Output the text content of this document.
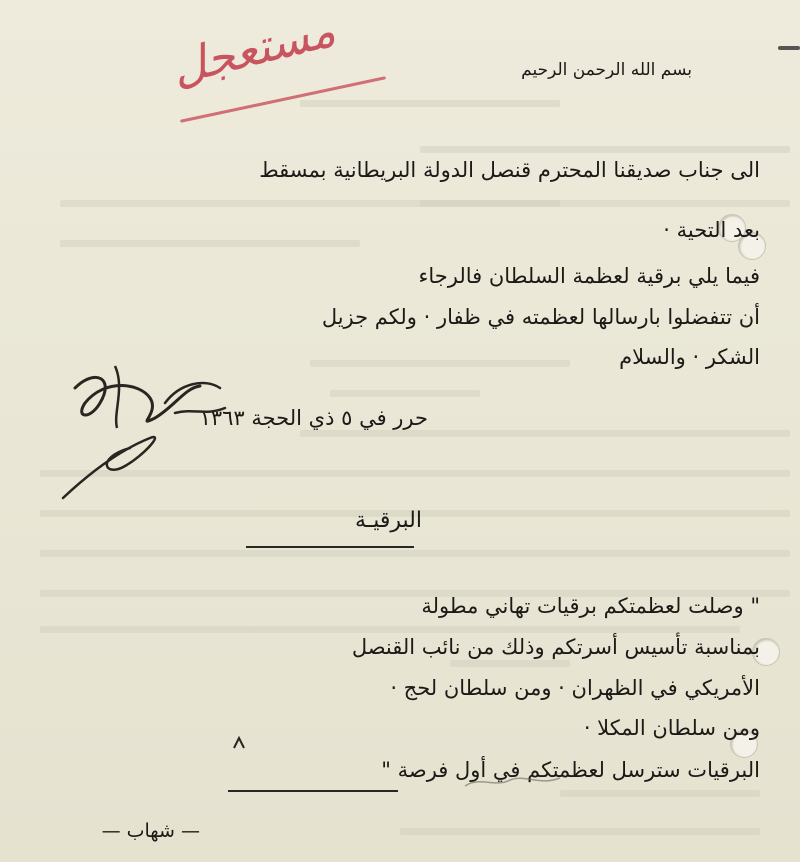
مستعجل	بسم الله الرحمن الرحيم
الى جناب صديقنا المحترم قنصل الدولة البريطانية بمسقط
بعد التحية ·
فيما يلي برقية لعظمة السلطان فالرجاء
أن تتفضلوا بارسالها لعظمته في ظفار · ولكم جزيل
الشكر · والسلام
حرر في ٥ ذي الحجة ١٣٦٣
ماجد بن تيمور
البرقيـة
" وصلت لعظمتكم برقيات تهاني مطولة
بمناسبة تأسيس أسرتكم وذلك من نائب القنصل
الأمريكي في الظهران · ومن سلطان لحج ·
ومن سلطان المكلا ·
البرقيات سترسل لعظمتكم في أول فرصة "
— شهاب —
